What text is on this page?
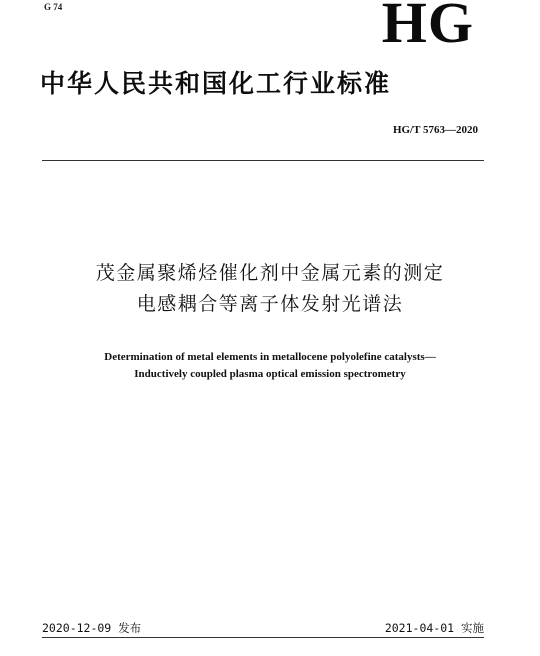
G 74	HG
中华人民共和国化工行业标准
HG/T 5763—2020
茂金属聚烯烃催化剂中金属元素的测定
电感耦合等离子体发射光谱法
Determination of metal elements in metallocene polyolefine catalysts—
Inductively coupled plasma optical emission spectrometry
2020-12-09 发布	2021-04-01 实施
